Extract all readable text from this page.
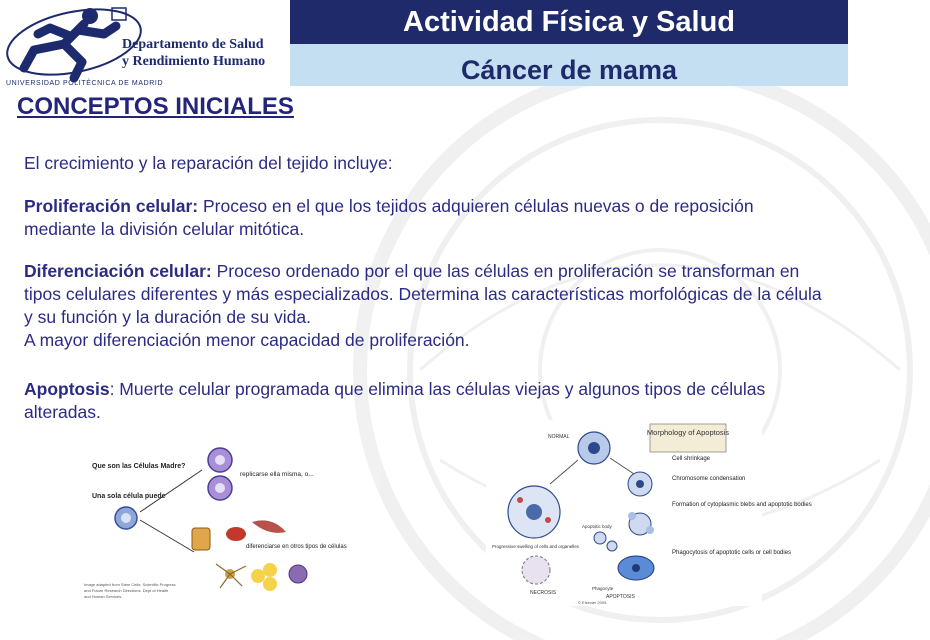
Departamento de Salud
y Rendimiento Humano
UNIVERSIDAD POLITÉCNICA DE MADRID
Actividad Física y Salud
Cáncer de mama
CONCEPTOS INICIALES
El crecimiento y la reparación del tejido incluye:
Proliferación celular: Proceso en el que los tejidos adquieren células nuevas o de reposición mediante la división celular mitótica.
Diferenciación celular: Proceso ordenado por el que las células en proliferación se transforman en tipos celulares diferentes y más especializados. Determina las características morfológicas de la célula y su función y la duración de su vida.
A mayor diferenciación menor capacidad de proliferación.
Apoptosis: Muerte celular programada que elimina las células viejas y algunos tipos de células alteradas.
Que son las Células Madre?
Una sola célula puede
replicarse ella misma, o...
diferenciarse en otros tipos de células
Image adapted from Stem Cells: Scientific Progress
and Future Research Directions. Dept of Health
and Human Services.
Morphology of Apoptosis
NORMAL
Progressive swelling of cells and organelles
Apoptotic body
Phagocyte
NECROSIS
APOPTOSIS
© Elsevier 2005
Cell shrinkage
Chromosome condensation
Formation of cytoplasmic blebs and apoptotic bodies
Phagocytosis of apoptotic cells or cell bodies
